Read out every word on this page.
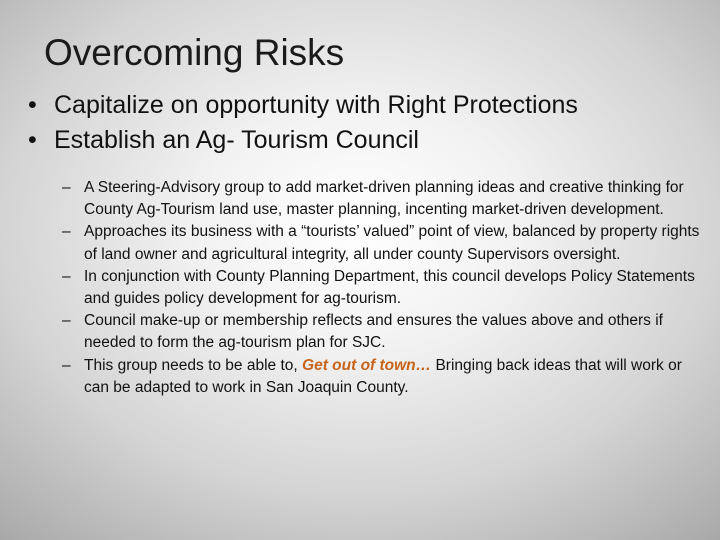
Overcoming Risks
• Capitalize on opportunity with Right Protections
• Establish an Ag- Tourism Council
– A Steering-Advisory group to add market-driven planning ideas and creative thinking for County Ag-Tourism land use, master planning, incenting market-driven development.
– Approaches its business with a “tourists’ valued” point of view, balanced by property rights of land owner and agricultural integrity, all under county Supervisors oversight.
– In conjunction with County Planning Department, this council develops Policy Statements and guides policy development for ag-tourism.
– Council make-up or membership reflects and ensures the values above and others if needed to form the ag-tourism plan for SJC.
– This group needs to be able to, Get out of town… Bringing back ideas that will work or can be adapted to work in San Joaquin County.
